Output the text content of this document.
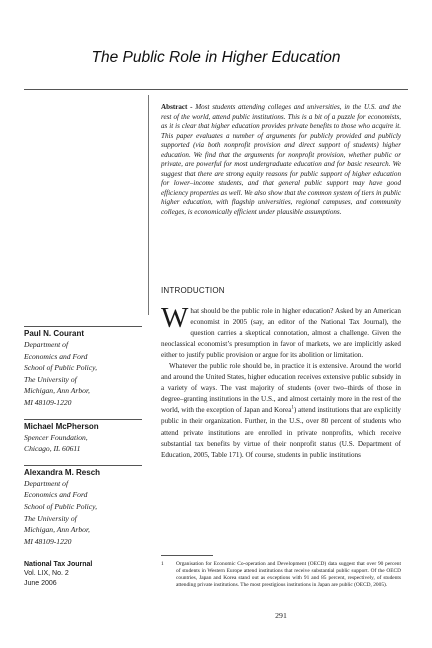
The Public Role in Higher Education
Abstract - Most students attending colleges and universities, in the U.S. and the rest of the world, attend public institutions. This is a bit of a puzzle for economists, as it is clear that higher education provides private benefits to those who acquire it. This paper evaluates a number of arguments for publicly provided and publicly supported (via both nonprofit provision and direct support of students) higher education. We find that the arguments for nonprofit provision, whether public or private, are powerful for most undergraduate education and for basic research. We suggest that there are strong equity reasons for public support of higher education for lower–income students, and that general public support may have good efficiency properties as well. We also show that the common system of tiers in public higher education, with flagship universities, regional campuses, and community colleges, is economically efficient under plausible assumptions.
INTRODUCTION

What should be the public role in higher education? Asked by an American economist in 2005 (say, an editor of the National Tax Journal), the question carries a skeptical connotation, almost a challenge. Given the neoclassical economist’s presumption in favor of markets, we are implicitly asked either to justify public provision or argue for its abolition or limitation.

Whatever the public role should be, in practice it is extensive. Around the world and around the United States, higher education receives extensive public subsidy in a variety of ways. The vast majority of students (over two–thirds of those in degree–granting institutions in the U.S., and almost certainly more in the rest of the world, with the exception of Japan and Korea$^1$) attend institutions that are explicitly public in their organization. Further, in the U.S., over 80 percent of students who attend private institutions are enrolled in private nonprofits, which receive substantial tax benefits by virtue of their nonprofit status (U.S. Department of Education, 2005, Table 171). Of course, students in public institutions

Paul N. Courant
Department of
Economics and Ford
School of Public Policy,
The University of
Michigan, Ann Arbor,
MI 48109-1220
Michael McPherson
Spencer Foundation,
Chicago, IL 60611
Alexandra M. Resch
Department of
Economics and Ford
School of Public Policy,
The University of
Michigan, Ann Arbor,
MI 48109-1220
National Tax Journal
Vol. LIX, No. 2
June 2006
1 Organisation for Economic Co-operation and Development (OECD) data suggest that over 90 percent of students in Western Europe attend institutions that receive substantial public support. Of the OECD countries, Japan and Korea stand out as exceptions with 91 and 85 percent, respectively, of students attending private institutions. The most prestigious institutions in Japan are public (OECD, 2005).
291
